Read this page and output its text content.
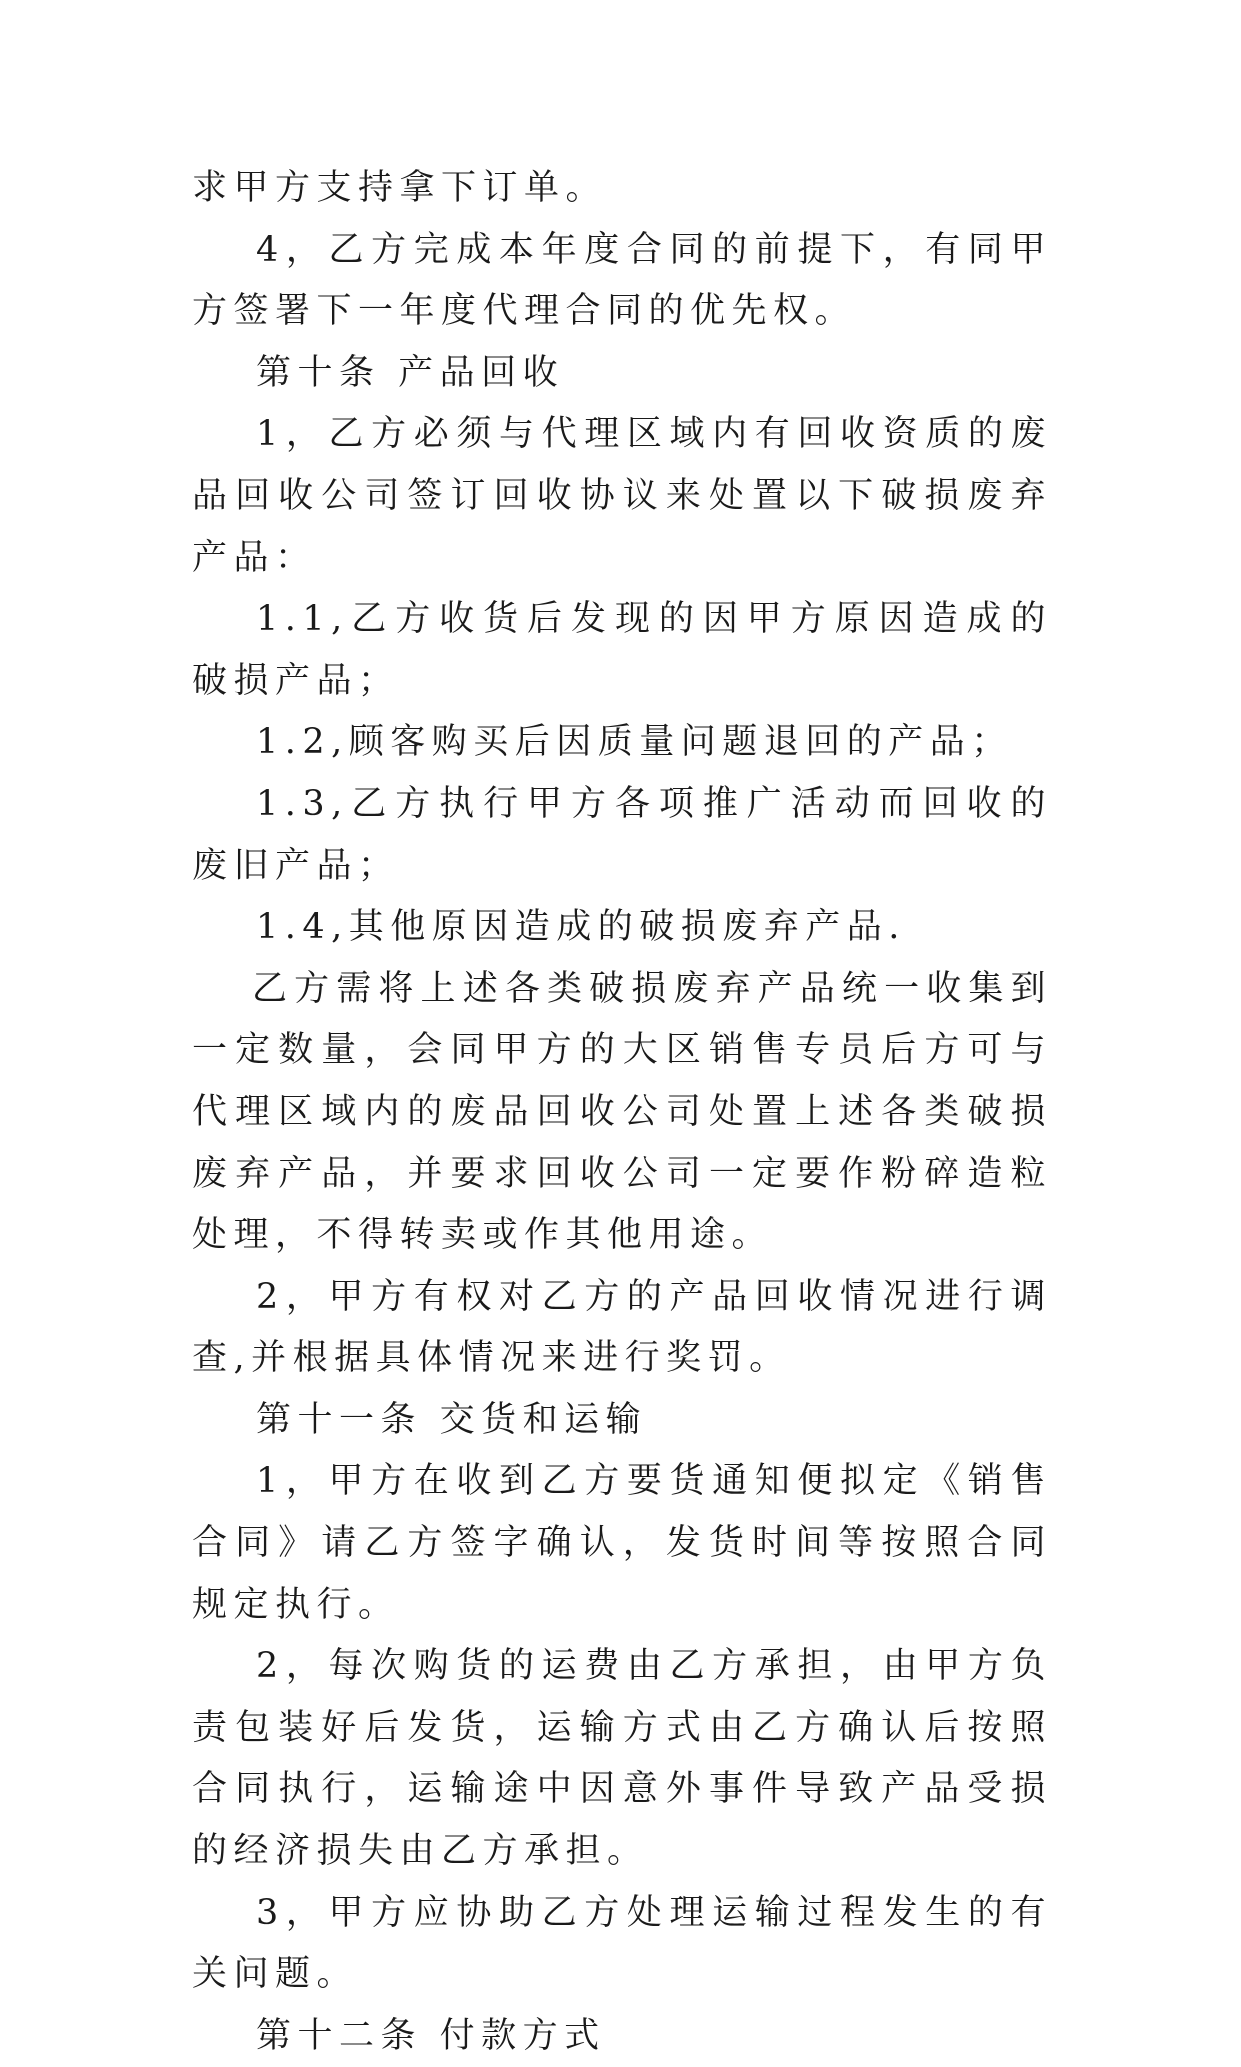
求甲方支持拿下订单。

4，乙方完成本年度合同的前提下，有同甲方签署下一年度代理合同的优先权。

第十条 产品回收

1，乙方必须与代理区域内有回收资质的废品回收公司签订回收协议来处置以下破损废弃产品：

1.1,乙方收货后发现的因甲方原因造成的破损产品；

1.2,顾客购买后因质量问题退回的产品；

1.3,乙方执行甲方各项推广活动而回收的废旧产品；

1.4,其他原因造成的破损废弃产品.

乙方需将上述各类破损废弃产品统一收集到一定数量，会同甲方的大区销售专员后方可与代理区域内的废品回收公司处置上述各类破损废弃产品，并要求回收公司一定要作粉碎造粒处理，不得转卖或作其他用途。

2，甲方有权对乙方的产品回收情况进行调查,并根据具体情况来进行奖罚。

第十一条 交货和运输

1，甲方在收到乙方要货通知便拟定《销售合同》请乙方签字确认，发货时间等按照合同规定执行。

2，每次购货的运费由乙方承担，由甲方负责包装好后发货，运输方式由乙方确认后按照合同执行，运输途中因意外事件导致产品受损的经济损失由乙方承担。

3，甲方应协助乙方处理运输过程发生的有关问题。

第十二条 付款方式
